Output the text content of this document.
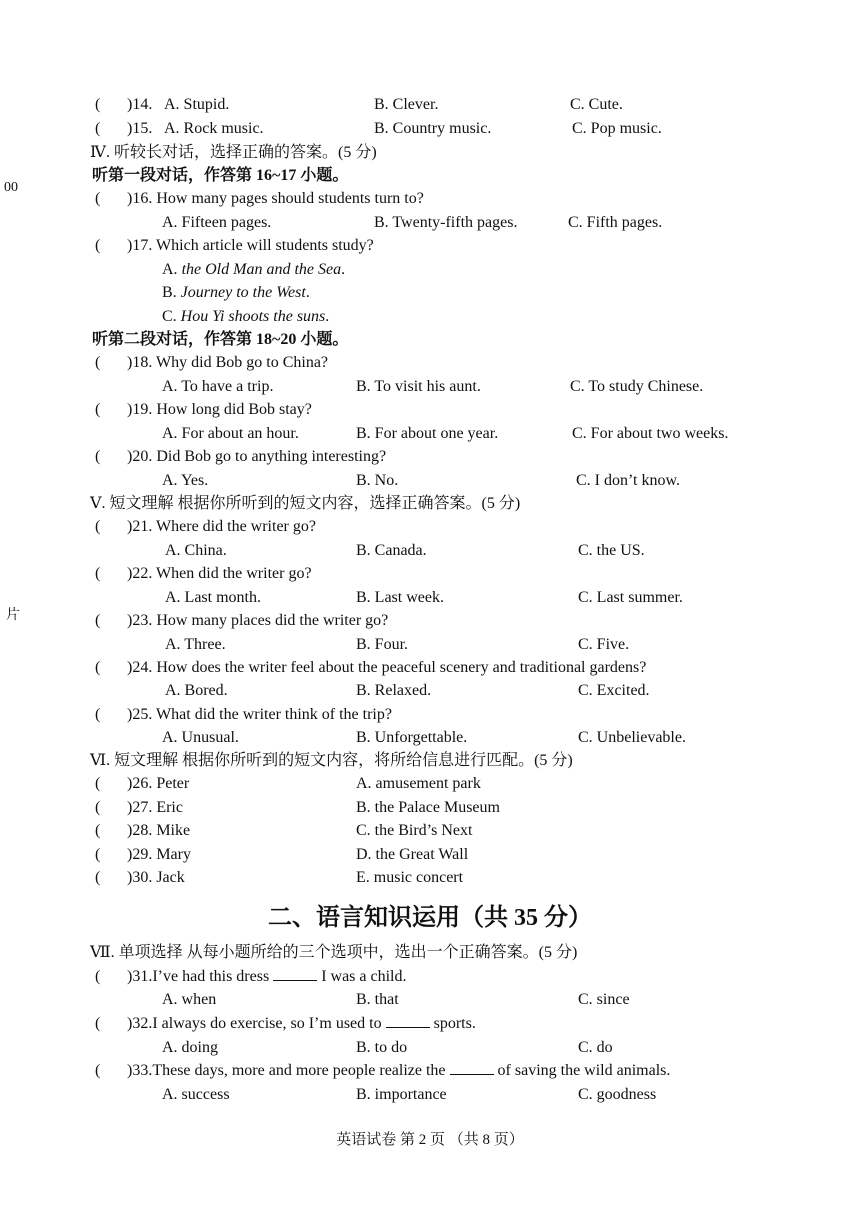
00
片
( )14. A. Stupid.	B. Clever.	C. Cute.
( )15. A. Rock music.	B. Country music.	C. Pop music.
Ⅳ. 听较长对话，选择正确的答案。(5 分)
听第一段对话，作答第 16~17 小题。
( )16. How many pages should students turn to?
A. Fifteen pages.	B. Twenty-fifth pages.	C. Fifth pages.
( )17. Which article will students study?
A. the Old Man and the Sea.
B. Journey to the West.
C. Hou Yi shoots the suns.
听第二段对话，作答第 18~20 小题。
( )18. Why did Bob go to China?
A. To have a trip.	B. To visit his aunt.	C. To study Chinese.
( )19. How long did Bob stay?
A. For about an hour.	B. For about one year.	C. For about two weeks.
( )20. Did Bob go to anything interesting?
A. Yes.	B. No.	C. I don’t know.
Ⅴ. 短文理解 根据你所听到的短文内容，选择正确答案。(5 分)
( )21. Where did the writer go?
A. China.	B. Canada.	C. the US.
( )22. When did the writer go?
A. Last month.	B. Last week.	C. Last summer.
( )23. How many places did the writer go?
A. Three.	B. Four.	C. Five.
( )24. How does the writer feel about the peaceful scenery and traditional gardens?
A. Bored.	B. Relaxed.	C. Excited.
( )25. What did the writer think of the trip?
A. Unusual.	B. Unforgettable.	C. Unbelievable.
Ⅵ. 短文理解 根据你所听到的短文内容，将所给信息进行匹配。(5 分)
( )26. Peter	A. amusement park
( )27. Eric	B. the Palace Museum
( )28. Mike	C. the Bird’s Next
( )29. Mary	D. the Great Wall
( )30. Jack	E. music concert
二、语言知识运用（共 35 分）
Ⅶ. 单项选择 从每小题所给的三个选项中，选出一个正确答案。(5 分)
( )31.I’ve had this dress	I was a child.
A. when	B. that	C. since
( )32.I always do exercise, so I’m used to	sports.
A. doing	B. to do	C. do
( )33.These days, more and more people realize the	of saving the wild animals.
A. success	B. importance	C. goodness
英语试卷 第 2 页 （共 8 页）
